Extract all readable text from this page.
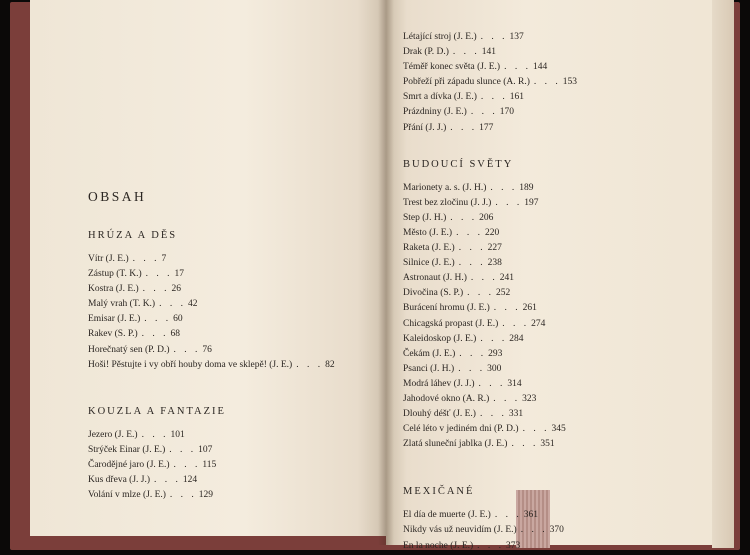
OBSAH
HRÚZA A DĚS
Vítr (J. E.) . . . 7
Zástup (T. K.) . . . 17
Kostra (J. E.) . . . 26
Malý vrah (T. K.) . . . 42
Emisar (J. E.) . . . 60
Rakev (S. P.) . . . 68
Horečnatý sen (P. D.) . . . 76
Hoši! Pěstujte i vy obří houby doma ve sklepě! (J. E.) . . . 82
KOUZLA A FANTAZIE
Jezero (J. E.) . . . 101
Strýček Einar (J. E.) . . . 107
Čarodějné jaro (J. E.) . . . 115
Kus dřeva (J. J.) . . . 124
Volání v mlze (J. E.) . . . 129
Létající stroj (J. E.) . . . 137
Drak (P. D.) . . . 141
Téměř konec světa (J. E.) . . . 144
Pobřeží při západu slunce (A. R.) . . . 153
Smrt a dívka (J. E.) . . . 161
Prázdniny (J. E.) . . . 170
Přání (J. J.) . . . 177
BUDOUCÍ SVĚTY
Marionety a. s. (J. H.) . . . 189
Trest bez zločinu (J. J.) . . . 197
Step (J. H.) . . . 206
Město (J. E.) . . . 220
Raketa (J. E.) . . . 227
Silnice (J. E.) . . . 238
Astronaut (J. H.) . . . 241
Divočina (S. P.) . . . 252
Burácení hromu (J. E.) . . . 261
Chicagská propast (J. E.) . . . 274
Kaleidoskop (J. E.) . . . 284
Čekám (J. E.) . . . 293
Psanci (J. H.) . . . 300
Modrá láhev (J. J.) . . . 314
Jahodové okno (A. R.) . . . 323
Dlouhý déšť (J. E.) . . . 331
Celé léto v jediném dni (P. D.) . . . 345
Zlatá sluneční jablka (J. E.) . . . 351
MEXIČANÉ
El día de muerte (J. E.) . . . 361
Nikdy vás už neuvidím (J. E.) . . . 370
En la noche (J. E.) . . . 373
